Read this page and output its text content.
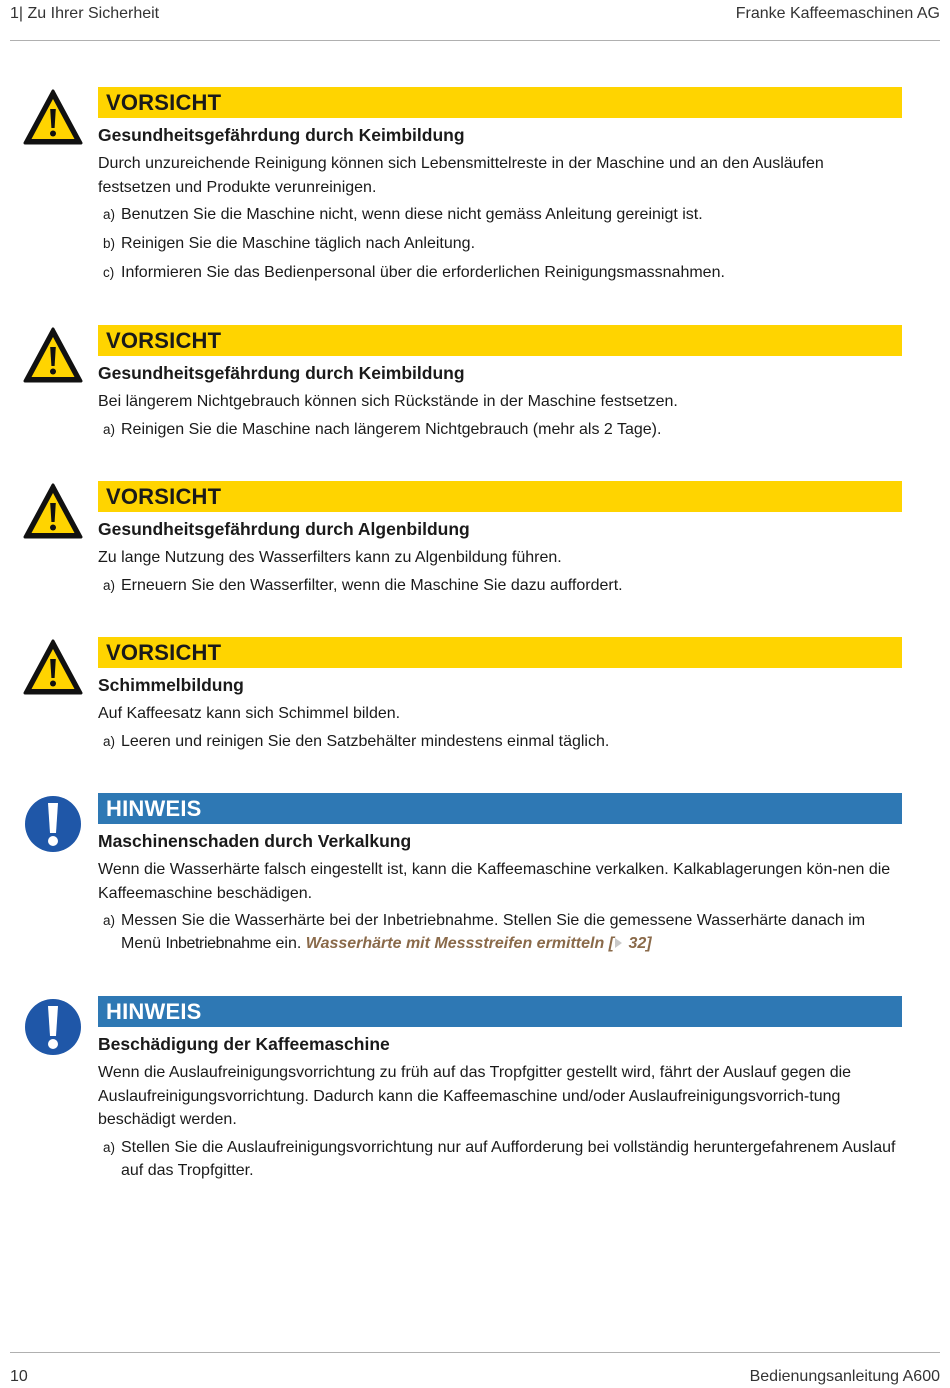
1| Zu Ihrer Sicherheit	Franke Kaffeemaschinen AG
VORSICHT
Gesundheitsgefährdung durch Keimbildung
Durch unzureichende Reinigung können sich Lebensmittelreste in der Maschine und an den Ausläufen festsetzen und Produkte verunreinigen.
a) Benutzen Sie die Maschine nicht, wenn diese nicht gemäss Anleitung gereinigt ist.
b) Reinigen Sie die Maschine täglich nach Anleitung.
c) Informieren Sie das Bedienpersonal über die erforderlichen Reinigungsmassnahmen.
VORSICHT
Gesundheitsgefährdung durch Keimbildung
Bei längerem Nichtgebrauch können sich Rückstände in der Maschine festsetzen.
a) Reinigen Sie die Maschine nach längerem Nichtgebrauch (mehr als 2 Tage).
VORSICHT
Gesundheitsgefährdung durch Algenbildung
Zu lange Nutzung des Wasserfilters kann zu Algenbildung führen.
a) Erneuern Sie den Wasserfilter, wenn die Maschine Sie dazu auffordert.
VORSICHT
Schimmelbildung
Auf Kaffeesatz kann sich Schimmel bilden.
a) Leeren und reinigen Sie den Satzbehälter mindestens einmal täglich.
HINWEIS
Maschinenschaden durch Verkalkung
Wenn die Wasserhärte falsch eingestellt ist, kann die Kaffeemaschine verkalken. Kalkablagerungen kön-nen die Kaffeemaschine beschädigen.
a) Messen Sie die Wasserhärte bei der Inbetriebnahme. Stellen Sie die gemessene Wasserhärte danach im Menü Inbetriebnahme ein. Wasserhärte mit Messstreifen ermitteln [ 32]
HINWEIS
Beschädigung der Kaffeemaschine
Wenn die Auslaufreinigungsvorrichtung zu früh auf das Tropfgitter gestellt wird, fährt der Auslauf gegen die Auslaufreinigungsvorrichtung. Dadurch kann die Kaffeemaschine und/oder Auslaufreinigungsvorrich-tung beschädigt werden.
a) Stellen Sie die Auslaufreinigungsvorrichtung nur auf Aufforderung bei vollständig heruntergefahrenem Auslauf auf das Tropfgitter.
10	Bedienungsanleitung A600
